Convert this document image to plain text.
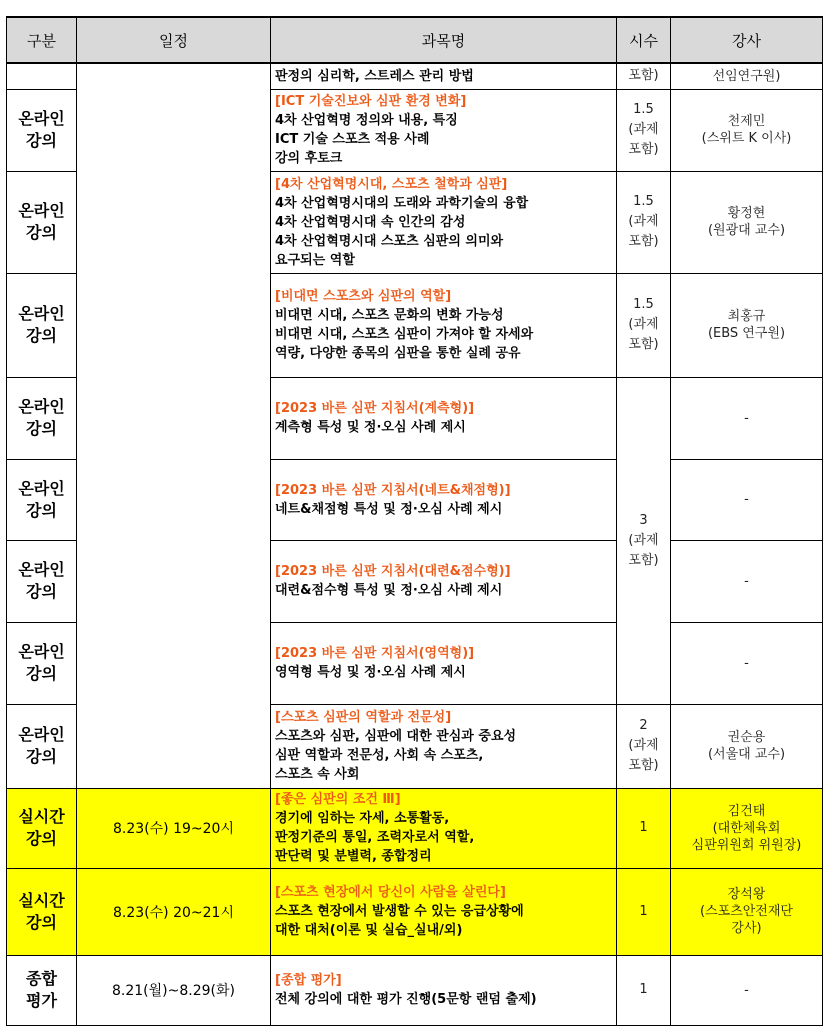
구분	일정	과목명	시수	강사

		판정의 심리학, 스트레스 관리 방법	포함)	선임연구원)

온라인
강의		[ICT 기술진보와 심판 환경 변화]
4차 산업혁명 정의와 내용, 특징
ICT 기술 스포츠 적용 사례
강의 후토크	1.5
(과제
포함)	천제민
(스위트 K 이사)

온라인
강의		[4차 산업혁명시대, 스포츠 철학과 심판]
4차 산업혁명시대의 도래와 과학기술의 융합
4차 산업혁명시대 속 인간의 감성
4차 산업혁명시대 스포츠 심판의 의미와
요구되는 역할	1.5
(과제
포함)	황정현
(원광대 교수)

온라인
강의		[비대면 스포츠와 심판의 역할]
비대면 시대, 스포츠 문화의 변화 가능성
비대면 시대, 스포츠 심판이 가져야 할 자세와
역량, 다양한 종목의 심판을 통한 실례 공유	1.5
(과제
포함)	최홍규
(EBS 연구원)

온라인
강의		[2023 바른 심판 지침서(계측형)]
계측형 특성 및 정·오심 사례 제시	3
(과제
포함)	-

온라인
강의		[2023 바른 심판 지침서(네트&채점형)]
네트&채점형 특성 및 정·오심 사례 제시		-

온라인
강의		[2023 바른 심판 지침서(대련&점수형)]
대련&점수형 특성 및 정·오심 사례 제시		-

온라인
강의		[2023 바른 심판 지침서(영역형)]
영역형 특성 및 정·오심 사례 제시		-

온라인
강의		[스포츠 심판의 역할과 전문성]
스포츠와 심판, 심판에 대한 관심과 중요성
심판 역할과 전문성, 사회 속 스포츠,
스포츠 속 사회	2
(과제
포함)	권순용
(서울대 교수)

실시간
강의	8.23(수) 19~20시	[좋은 심판의 조건 Ⅲ]
경기에 임하는 자세, 소통활동,
판정기준의 통일, 조력자로서 역할,
판단력 및 분별력, 종합정리	1	김건태
(대한체육회
심판위원회 위원장)

실시간
강의	8.23(수) 20~21시	[스포츠 현장에서 당신이 사람을 살린다]
스포츠 현장에서 발생할 수 있는 응급상황에
대한 대처(이론 및 실습_실내/외)	1	장석왕
(스포츠안전재단
강사)

종합
평가	8.21(월)~8.29(화)	[종합 평가]
전체 강의에 대한 평가 진행(5문항 랜덤 출제)	1	-
